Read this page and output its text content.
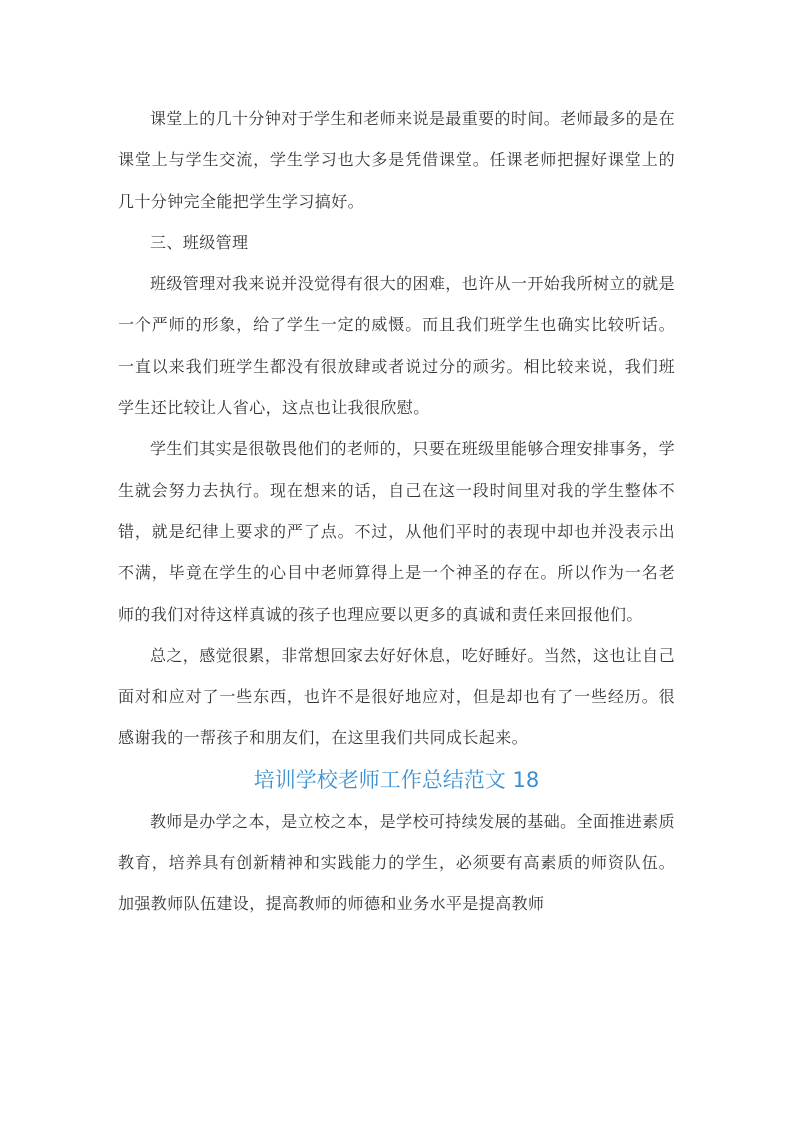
课堂上的几十分钟对于学生和老师来说是最重要的时间。老师最多的是在课堂上与学生交流，学生学习也大多是凭借课堂。任课老师把握好课堂上的几十分钟完全能把学生学习搞好。

三、班级管理

班级管理对我来说并没觉得有很大的困难，也许从一开始我所树立的就是一个严师的形象，给了学生一定的威慑。而且我们班学生也确实比较听话。一直以来我们班学生都没有很放肆或者说过分的顽劣。相比较来说，我们班学生还比较让人省心，这点也让我很欣慰。

学生们其实是很敬畏他们的老师的，只要在班级里能够合理安排事务，学生就会努力去执行。现在想来的话，自己在这一段时间里对我的学生整体不错，就是纪律上要求的严了点。不过，从他们平时的表现中却也并没表示出不满，毕竟在学生的心目中老师算得上是一个神圣的存在。所以作为一名老师的我们对待这样真诚的孩子也理应要以更多的真诚和责任来回报他们。

总之，感觉很累，非常想回家去好好休息，吃好睡好。当然，这也让自己面对和应对了一些东西，也许不是很好地应对，但是却也有了一些经历。很感谢我的一帮孩子和朋友们，在这里我们共同成长起来。

培训学校老师工作总结范文 18

教师是办学之本，是立校之本，是学校可持续发展的基础。全面推进素质教育，培养具有创新精神和实践能力的学生，必须要有高素质的师资队伍。加强教师队伍建设，提高教师的师德和业务水平是提高教师
